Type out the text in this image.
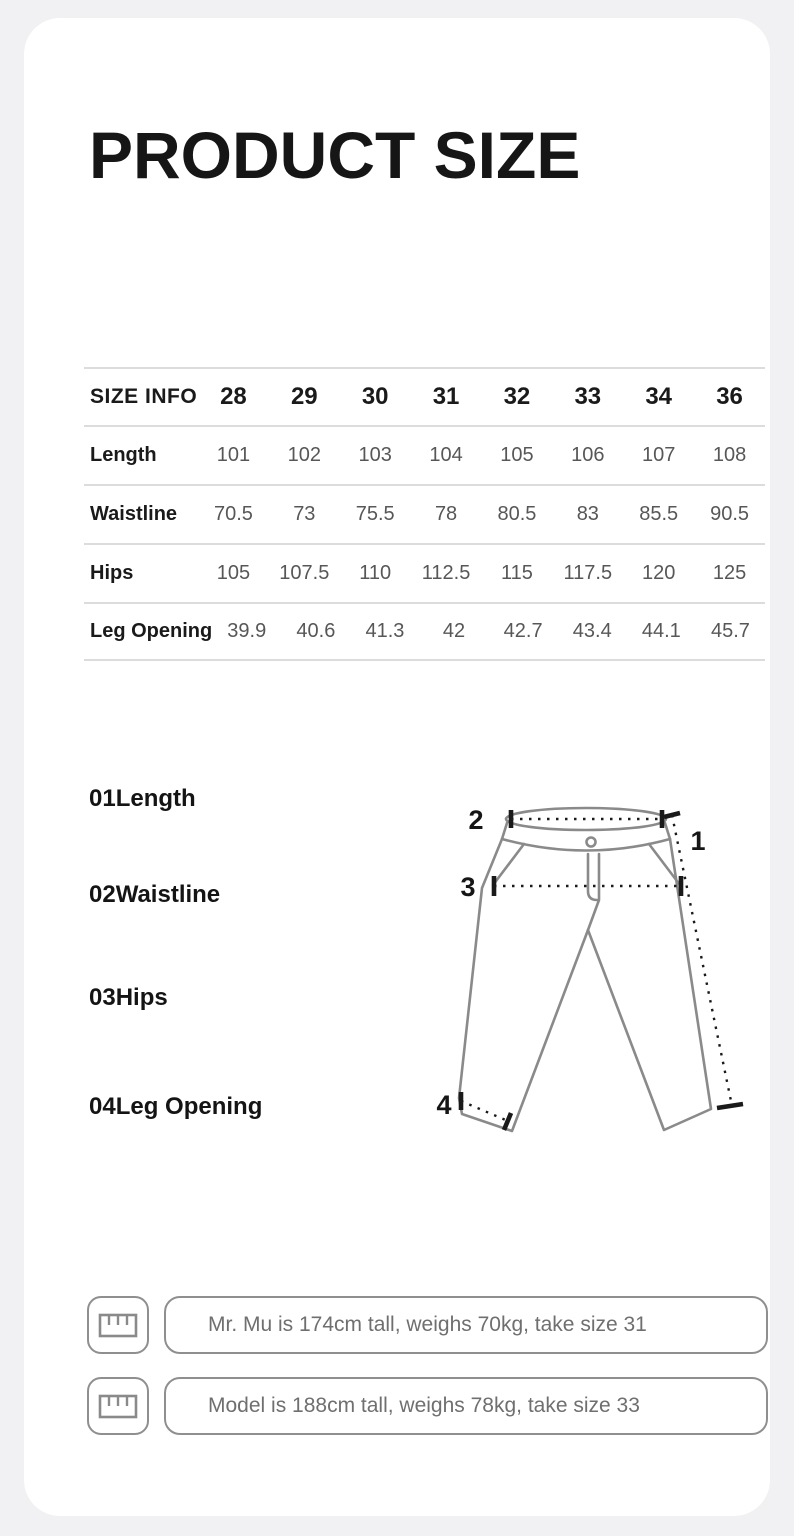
PRODUCT SIZE
SIZE INFO 28	29	30	31	32	33	34	36
Length	101	102	103	104	105	106	107	108
Waistline	70.5	73	75.5	78	80.5	83	85.5	90.5
Hips	105	107.5	110	112.5	115	117.5	120	125
Leg Opening 39.9	40.6	41.3	42	42.7	43.4	44.1	45.7
01Length
02Waistline
03Hips
04Leg Opening
1
2
3
4
Mr. Mu is 174cm tall, weighs 70kg, take size 31
Model is 188cm tall, weighs 78kg, take size 33
